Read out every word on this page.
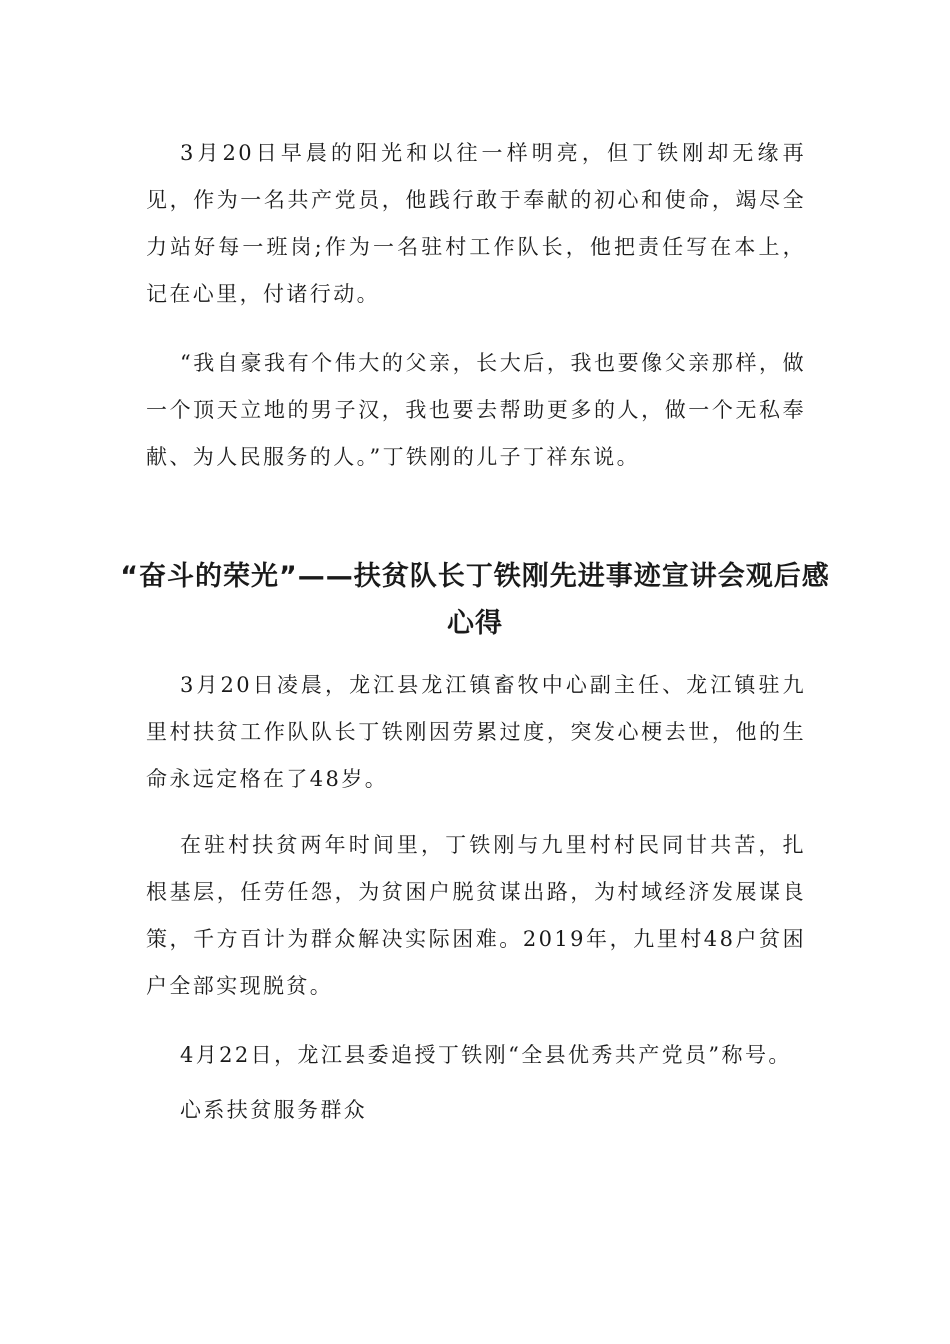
3月20日早晨的阳光和以往一样明亮，但丁铁刚却无缘再见，作为一名共产党员，他践行敢于奉献的初心和使命，竭尽全力站好每一班岗;作为一名驻村工作队长，他把责任写在本上，记在心里，付诸行动。

“我自豪我有个伟大的父亲，长大后，我也要像父亲那样，做一个顶天立地的男子汉，我也要去帮助更多的人，做一个无私奉献、为人民服务的人。”丁铁刚的儿子丁祥东说。

“奋斗的荣光”——扶贫队长丁铁刚先进事迹宣讲会观后感心得

3月20日凌晨，龙江县龙江镇畜牧中心副主任、龙江镇驻九里村扶贫工作队队长丁铁刚因劳累过度，突发心梗去世，他的生命永远定格在了48岁。

在驻村扶贫两年时间里，丁铁刚与九里村村民同甘共苦，扎根基层，任劳任怨，为贫困户脱贫谋出路，为村域经济发展谋良策，千方百计为群众解决实际困难。2019年，九里村48户贫困户全部实现脱贫。

4月22日，龙江县委追授丁铁刚“全县优秀共产党员”称号。

心系扶贫服务群众
